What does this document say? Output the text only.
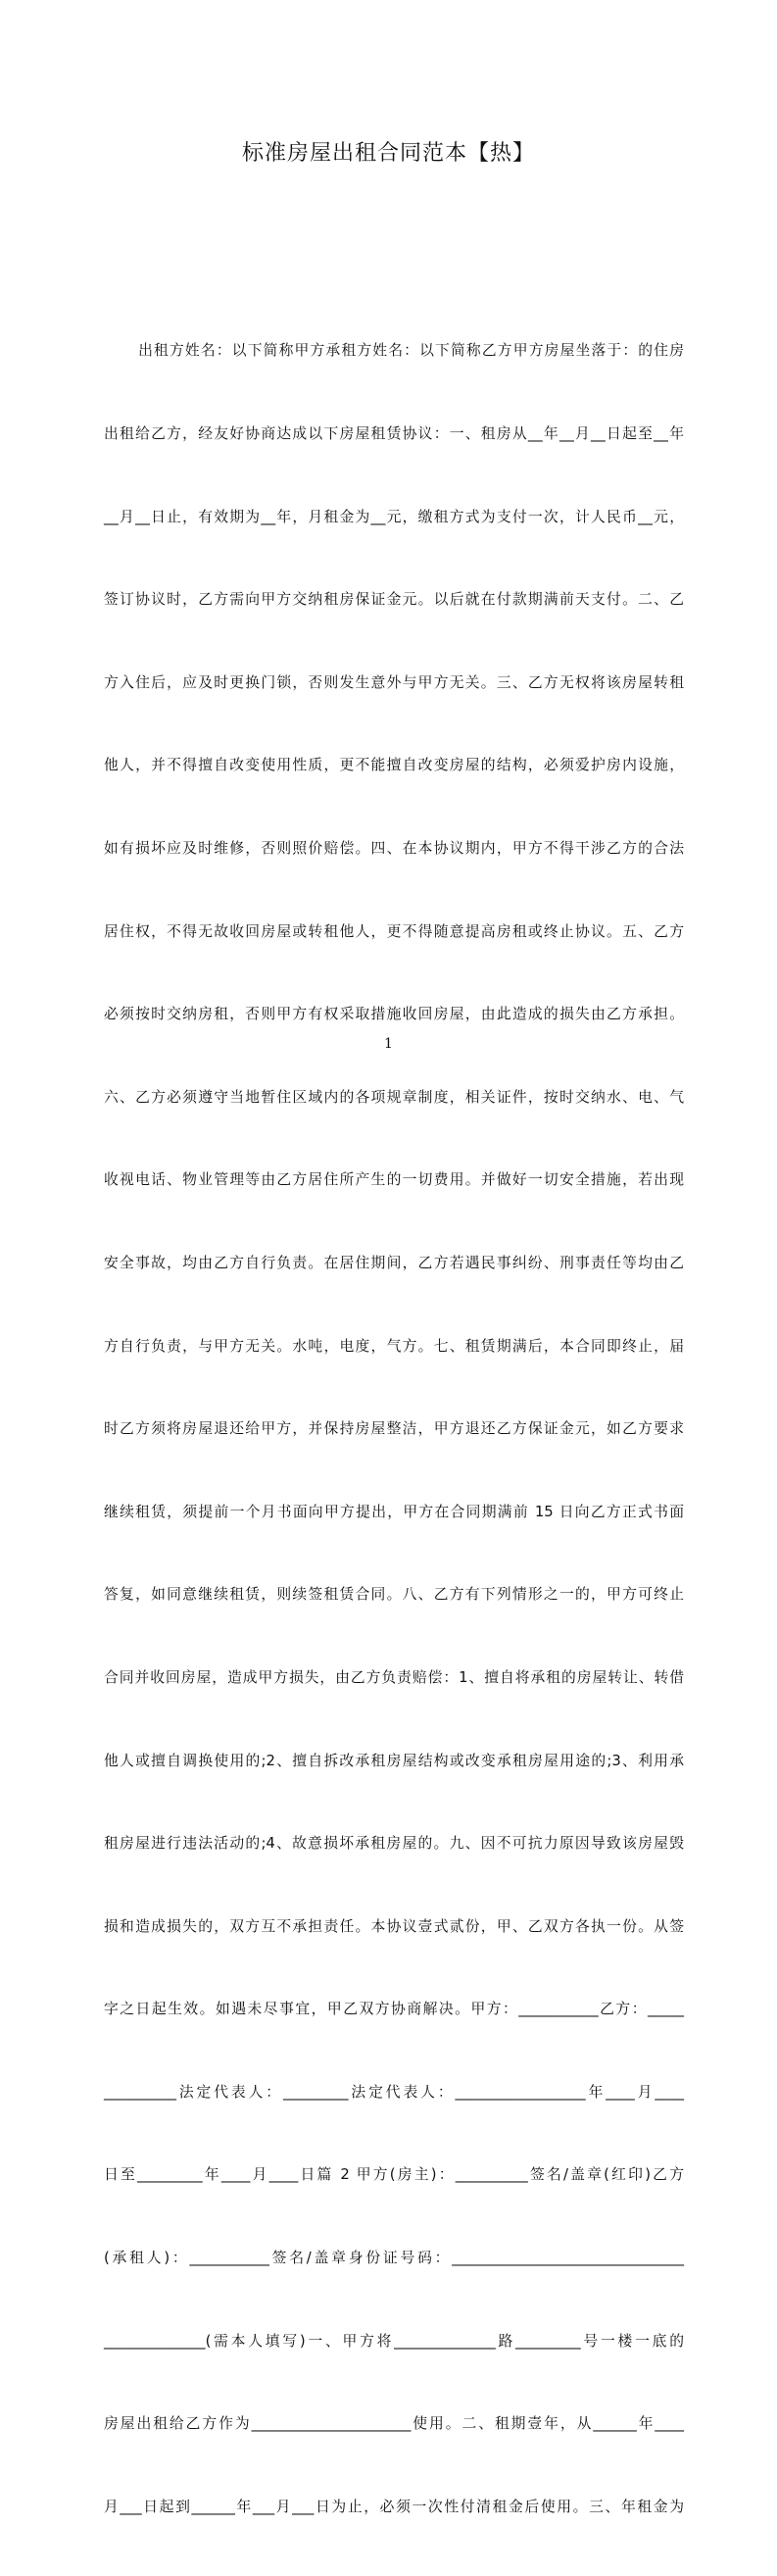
标准房屋出租合同范本【热】

出租方姓名：以下简称甲方承租方姓名：以下简称乙方甲方房屋坐落于：的住房

出租给乙方，经友好协商达成以下房屋租赁协议：一、租房从__年__月__日起至__年

__月__日止，有效期为__年，月租金为__元，缴租方式为支付一次，计人民币__元，

签订协议时，乙方需向甲方交纳租房保证金元。以后就在付款期满前天支付。二、乙

方入住后，应及时更换门锁，否则发生意外与甲方无关。三、乙方无权将该房屋转租

他人，并不得擅自改变使用性质，更不能擅自改变房屋的结构，必须爱护房内设施，

如有损坏应及时维修，否则照价赔偿。四、在本协议期内，甲方不得干涉乙方的合法

居住权，不得无故收回房屋或转租他人，更不得随意提高房租或终止协议。五、乙方

必须按时交纳房租，否则甲方有权采取措施收回房屋，由此造成的损失由乙方承担。

六、乙方必须遵守当地暂住区域内的各项规章制度，相关证件，按时交纳水、电、气

收视电话、物业管理等由乙方居住所产生的一切费用。并做好一切安全措施，若出现

安全事故，均由乙方自行负责。在居住期间，乙方若遇民事纠纷、刑事责任等均由乙

方自行负责，与甲方无关。水吨，电度，气方。七、租赁期满后，本合同即终止，届

时乙方须将房屋退还给甲方，并保持房屋整洁，甲方退还乙方保证金元，如乙方要求

继续租赁，须提前一个月书面向甲方提出，甲方在合同期满前 15 日向乙方正式书面

答复，如同意继续租赁，则续签租赁合同。八、乙方有下列情形之一的，甲方可终止

合同并收回房屋，造成甲方损失，由乙方负责赔偿：1、擅自将承租的房屋转让、转借

他人或擅自调换使用的;2、擅自拆改承租房屋结构或改变承租房屋用途的;3、利用承

租房屋进行违法活动的;4、故意损坏承租房屋的。九、因不可抗力原因导致该房屋毁

损和造成损失的，双方互不承担责任。本协议壹式贰份，甲、乙双方各执一份。从签

字之日起生效。如遇未尽事宜，甲乙双方协商解决。甲方：___________乙方：_____

__________法定代表人：_________法定代表人：__________________年____月____

日至_________年____月____日篇 2 甲方(房主)：__________签名/盖章(红印)乙方

(承租人)：___________签名/盖章身份证号码：________________________________

______________(需本人填写)一、甲方将______________路_________号一楼一底的

房屋出租给乙方作为______________________使用。二、租期壹年，从______年____

月___日起到______年___月___日为止，必须一次性付清租金后使用。三、年租金为

1
